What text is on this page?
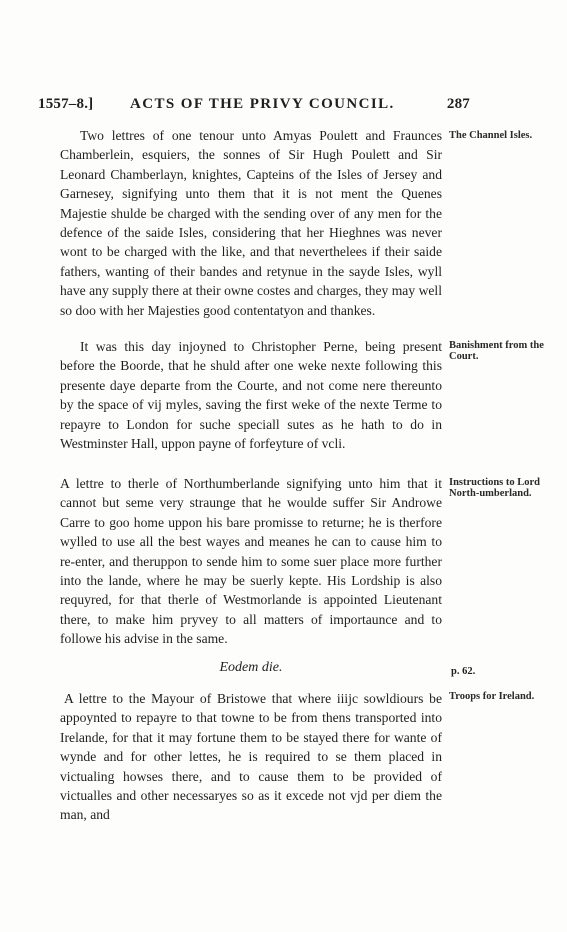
1557–8.] ACTS OF THE PRIVY COUNCIL.	287

Two lettres of one tenour unto Amyas Poulett and Fraunces Chamberlein, esquiers, the sonnes of Sir Hugh Poulett and Sir Leonard Chamberlayn, knightes, Capteins of the Isles of Jersey and Garnesey, signifying unto them that it is not ment the Quenes Majestie shulde be charged with the sending over of any men for the defence of the saide Isles, considering that her Hieghnes was never wont to be charged with the like, and that neverthelees if their saide fathers, wanting of their bandes and retynue in the sayde Isles, wyll have any supply there at their owne costes and charges, they may well so doo with her Majesties good contentatyon and thankes.

It was this day injoyned to Christopher Perne, being present before the Boorde, that he shuld after one weke nexte following this presente daye departe from the Courte, and not come nere thereunto by the space of vij myles, saving the first weke of the nexte Terme to repayre to London for suche speciall sutes as he hath to do in Westminster Hall, uppon payne of forfeyture of vcli.

A lettre to therle of Northumberlande signifying unto him that it cannot but seme very straunge that he woulde suffer Sir Androwe Carre to goo home uppon his bare promisse to returne; he is therfore wylled to use all the best wayes and meanes he can to cause him to re-enter, and theruppon to sende him to some suer place more further into the lande, where he may be suerly kepte. His Lordship is also requyred, for that therle of Westmorlande is appointed Lieutenant there, to make him pryvey to all matters of importaunce and to followe his advise in the same.

Eodem die.	p. 62.

A lettre to the Mayour of Bristowe that where iiijc sowldiours be appoynted to repayre to that towne to be from thens transported into Irelande, for that it may fortune them to be stayed there for wante of wynde and for other lettes, he is required to se them placed in victualing howses there, and to cause them to be provided of victualles and other necessaryes so as it excede not vjd per diem the man, and

The Channel Isles.
Banishment from the Court.
Instructions to Lord North-umberland.
Troops for Ireland.
